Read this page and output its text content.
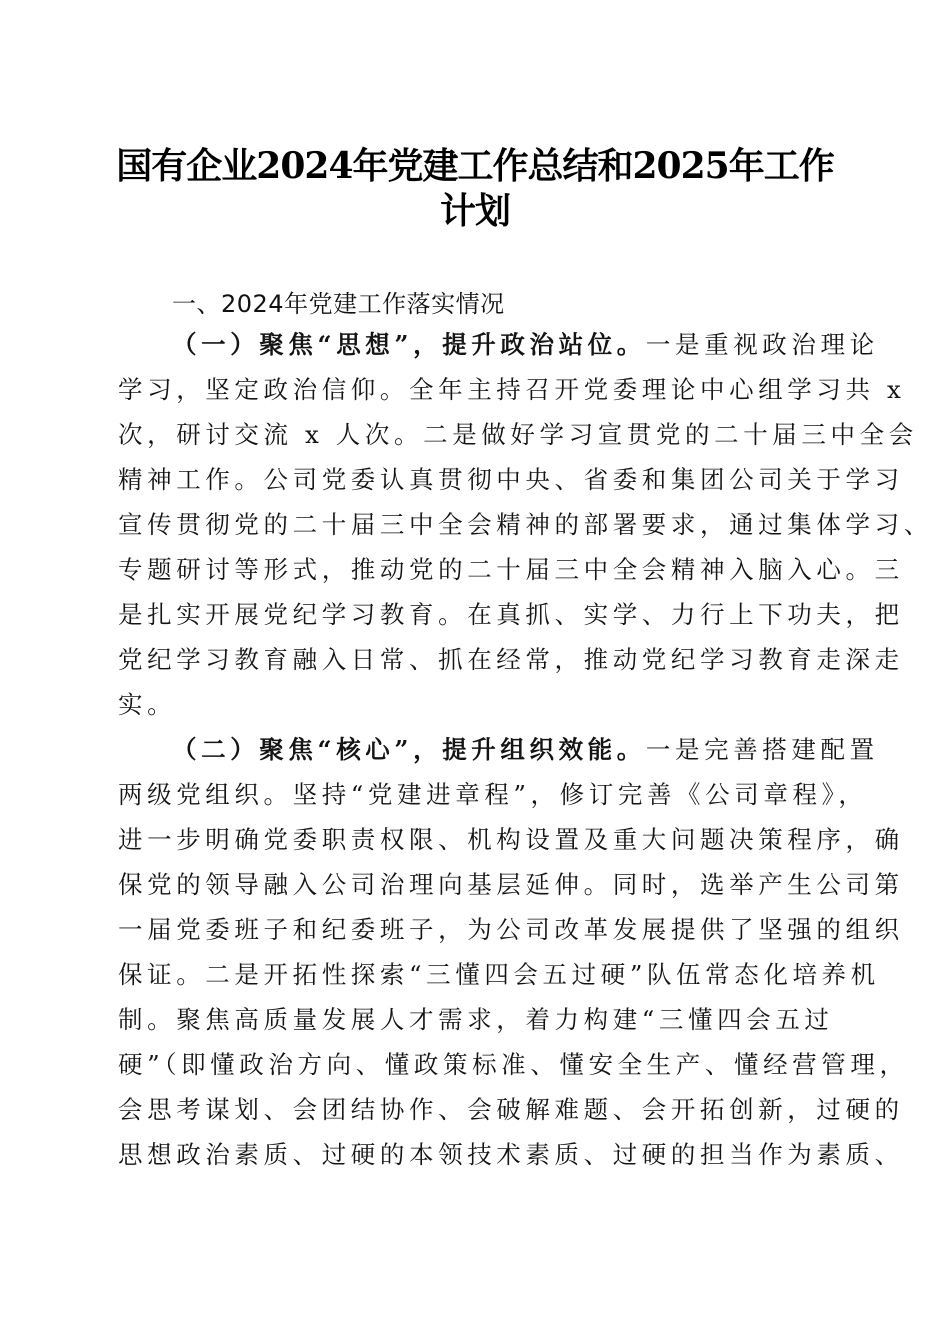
国有企业2024年党建工作总结和2025年工作
计划
一、2024年党建工作落实情况
（一）聚焦“思想”，提升政治站位。一是重视政治理论
学习，坚定政治信仰。全年主持召开党委理论中心组学习共 x
次，研讨交流 x 人次。二是做好学习宣贯党的二十届三中全会
精神工作。公司党委认真贯彻中央、省委和集团公司关于学习
宣传贯彻党的二十届三中全会精神的部署要求，通过集体学习、
专题研讨等形式，推动党的二十届三中全会精神入脑入心。三
是扎实开展党纪学习教育。在真抓、实学、力行上下功夫，把
党纪学习教育融入日常、抓在经常，推动党纪学习教育走深走
实。
（二）聚焦“核心”，提升组织效能。一是完善搭建配置
两级党组织。坚持“党建进章程”，修订完善《公司章程》，
进一步明确党委职责权限、机构设置及重大问题决策程序，确
保党的领导融入公司治理向基层延伸。同时，选举产生公司第
一届党委班子和纪委班子，为公司改革发展提供了坚强的组织
保证。二是开拓性探索“三懂四会五过硬”队伍常态化培养机
制。聚焦高质量发展人才需求，着力构建“三懂四会五过
硬”（即懂政治方向、懂政策标准、懂安全生产、懂经营管理，
会思考谋划、会团结协作、会破解难题、会开拓创新，过硬的
思想政治素质、过硬的本领技术素质、过硬的担当作为素质、
